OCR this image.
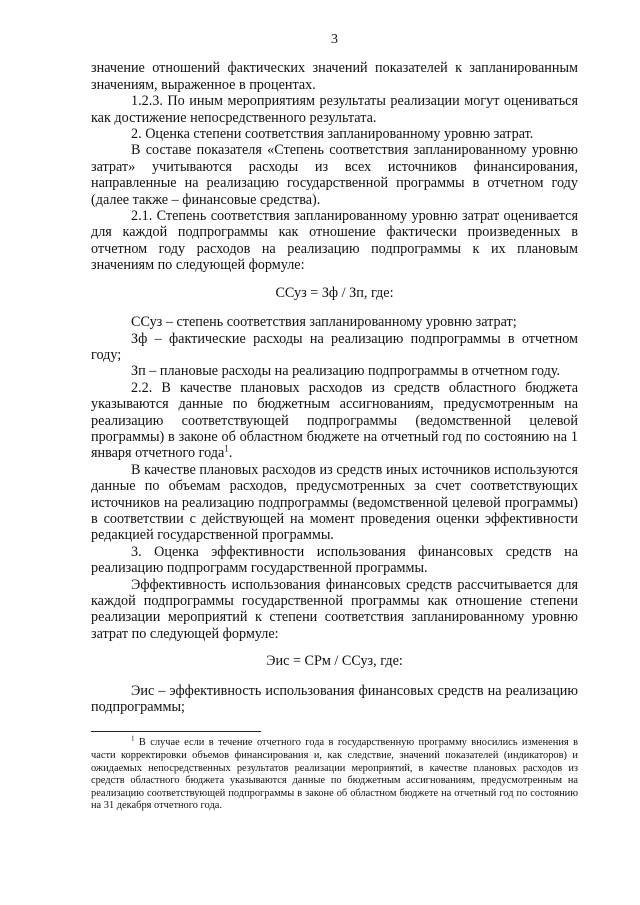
3

значение отношений фактических значений показателей к запланированным значениям, выраженное в процентах.

1.2.3. По иным мероприятиям результаты реализации могут оцениваться как достижение непосредственного результата.

2. Оценка степени соответствия запланированному уровню затрат.

В составе показателя «Степень соответствия запланированному уровню затрат» учитываются расходы из всех источников финансирования, направленные на реализацию государственной программы в отчетном году (далее также – финансовые средства).

2.1. Степень соответствия запланированному уровню затрат оценивается для каждой подпрограммы как отношение фактически произведенных в отчетном году расходов на реализацию подпрограммы к их плановым значениям по следующей формуле:

ССуз = Зф / Зп, где:

ССуз – степень соответствия запланированному уровню затрат;

Зф – фактические расходы на реализацию подпрограммы в отчетном году;

Зп – плановые расходы на реализацию подпрограммы в отчетном году.

2.2. В качестве плановых расходов из средств областного бюджета указываются данные по бюджетным ассигнованиям, предусмотренным на реализацию соответствующей подпрограммы (ведомственной целевой программы) в законе об областном бюджете на отчетный год по состоянию на 1 января отчетного года$^1$.

В качестве плановых расходов из средств иных источников используются данные по объемам расходов, предусмотренных за счет соответствующих источников на реализацию подпрограммы (ведомственной целевой программы) в соответствии с действующей на момент проведения оценки эффективности редакцией государственной программы.

3. Оценка эффективности использования финансовых средств на реализацию подпрограмм государственной программы.

Эффективность использования финансовых средств рассчитывается для каждой подпрограммы государственной программы как отношение степени реализации мероприятий к степени соответствия запланированному уровню затрат по следующей формуле:

Эис = СРм / ССуз, где:

Эис – эффективность использования финансовых средств на реализацию подпрограммы;

$^1$ В случае если в течение отчетного года в государственную программу вносились изменения в части корректировки объемов финансирования и, как следствие, значений показателей (индикаторов) и ожидаемых непосредственных результатов реализации мероприятий, в качестве плановых расходов из средств областного бюджета указываются данные по бюджетным ассигнованиям, предусмотренным на реализацию соответствующей подпрограммы в законе об областном бюджете на отчетный год по состоянию на 31 декабря отчетного года.
